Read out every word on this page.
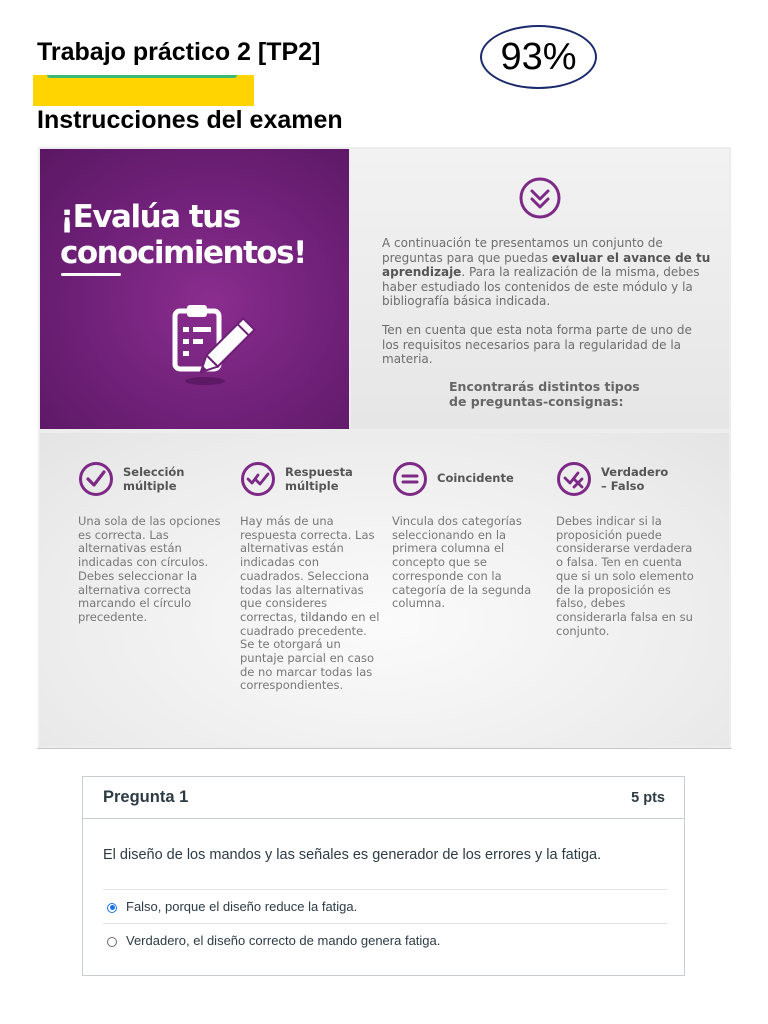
Trabajo práctico 2 [TP2]	93%
Instrucciones del examen
¡Evalúa tus
conocimientos!	A continuación te presentamos un conjunto de preguntas para que puedas evaluar el avance de tu aprendizaje. Para la realización de la misma, debes haber estudiado los contenidos de este módulo y la bibliografía básica indicada.

Ten en cuenta que esta nota forma parte de uno de los requisitos necesarios para la regularidad de la materia.

Encontrarás distintos tipos
de preguntas-consignas:

Selección
múltiple

Una sola de las opciones es correcta. Las alternativas están indicadas con círculos. Debes seleccionar la alternativa correcta marcando el círculo precedente.

Respuesta
múltiple

Hay más de una respuesta correcta. Las alternativas están indicadas con cuadrados. Selecciona todas las alternativas que consideres correctas, tildando en el cuadrado precedente. Se te otorgará un puntaje parcial en caso de no marcar todas las correspondientes.

Coincidente

Vincula dos categorías seleccionando en la primera columna el concepto que se corresponde con la categoría de la segunda columna.

Verdadero
– Falso

Debes indicar si la proposición puede considerarse verdadera o falsa. Ten en cuenta que si un solo elemento de la proposición es falso, debes considerarla falsa en su conjunto.

Pregunta 1	5 pts

El diseño de los mandos y las señales es generador de los errores y la fatiga.

Falso, porque el diseño reduce la fatiga.
Verdadero, el diseño correcto de mando genera fatiga.
